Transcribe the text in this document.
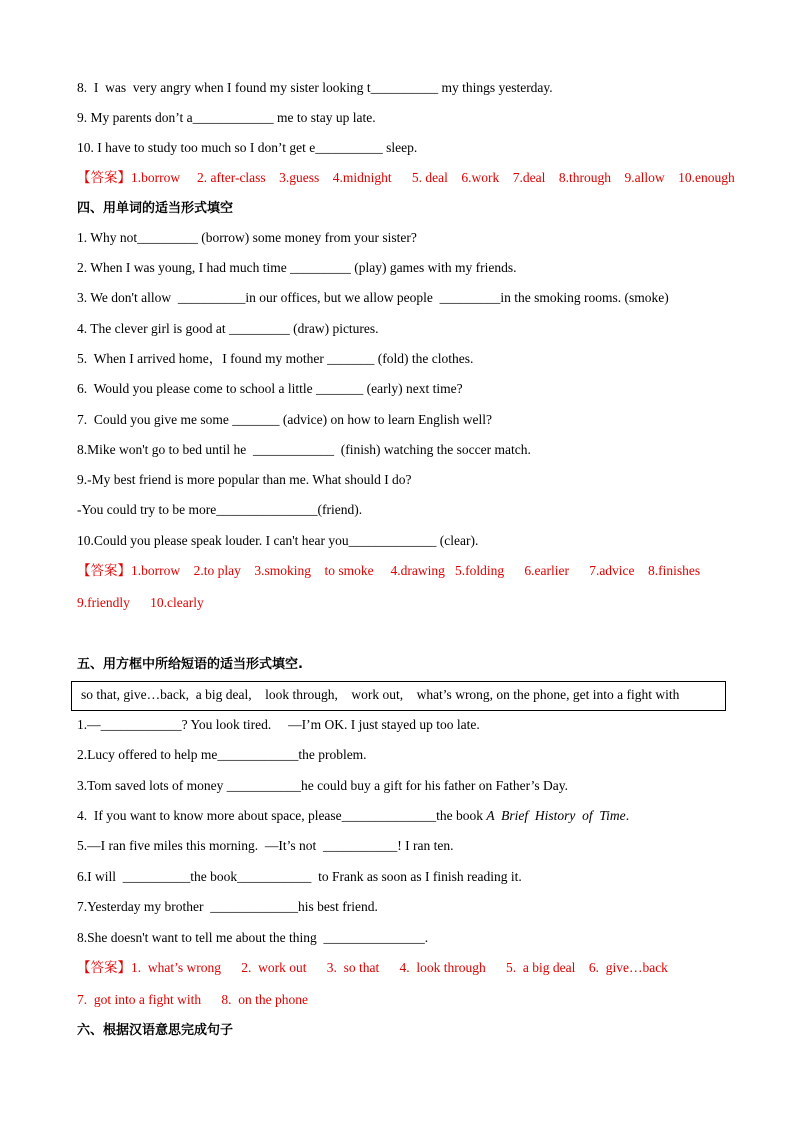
8.  I  was  very angry when I found my sister looking t__________ my things yesterday.
9. My parents don’t a____________ me to stay up late.
10. I have to study too much so I don’t get e__________ sleep.
【答案】1.borrow     2. after-class    3.guess    4.midnight      5. deal    6.work    7.deal    8.through    9.allow    10.enough
四、用单词的适当形式填空
1. Why not_________ (borrow) some money from your sister?
2. When I was young, I had much time _________ (play) games with my friends.
3. We don't allow  __________in our offices, but we allow people  _________in the smoking rooms. (smoke)
4. The clever girl is good at _________ (draw) pictures.
5.  When I arrived home，I found my mother _______ (fold) the clothes.
6.  Would you please come to school a little _______ (early) next time?
7.  Could you give me some _______ (advice) on how to learn English well?
8.Mike won't go to bed until he  ____________  (finish) watching the soccer match.
9.-My best friend is more popular than me. What should I do?
-You could try to be more_______________(friend).
10.Could you please speak louder. I can't hear you_____________ (clear).
【答案】1.borrow    2.to play    3.smoking    to smoke     4.drawing   5.folding      6.earlier      7.advice    8.finishes
9.friendly      10.clearly
五、用方框中所给短语的适当形式填空.
so that, give…back,  a big deal,    look through,    work out,    what’s wrong, on the phone, get into a fight with
1.—____________? You look tired.     —I’m OK. I just stayed up too late.
2.Lucy offered to help me____________the problem.
3.Tom saved lots of money ___________he could buy a gift for his father on Father’s Day.
4.  If you want to know more about space, please______________the book A  Brief  History  of  Time.
5.—I ran five miles this morning.  —It’s not  ___________! I ran ten.
6.I will  __________the book___________  to Frank as soon as I finish reading it.
7.Yesterday my brother  _____________his best friend.
8.She doesn't want to tell me about the thing  _______________.
【答案】1.  what’s wrong      2.  work out      3.  so that      4.  look through      5.  a big deal    6.  give…back
7.  got into a fight with      8.  on the phone
六、根据汉语意思完成句子
